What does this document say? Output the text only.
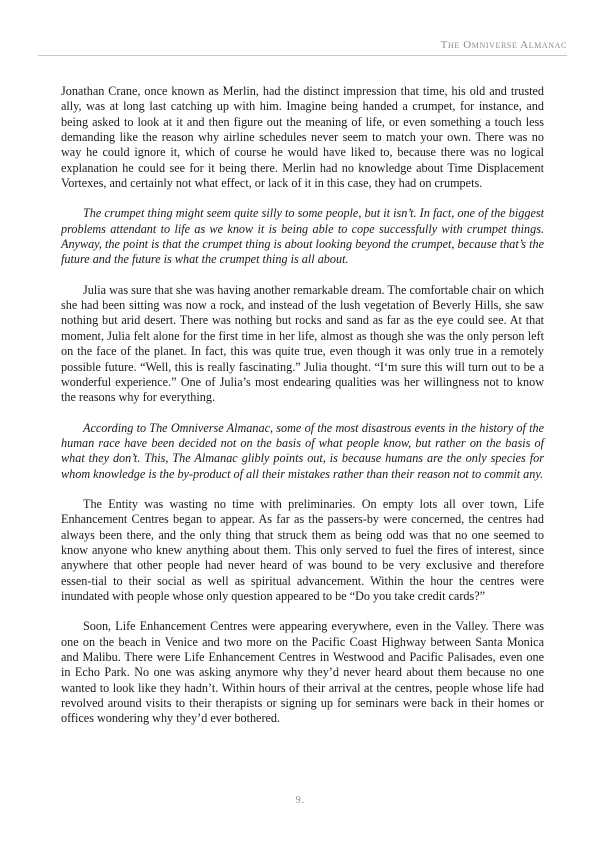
The Omniverse Almanac

Jonathan Crane, once known as Merlin, had the distinct impression that time, his old and trusted ally, was at long last catching up with him. Imagine being handed a crumpet, for instance, and being asked to look at it and then figure out the meaning of life, or even something a touch less demanding like the reason why airline schedules never seem to match your own. There was no way he could ignore it, which of course he would have liked to, because there was no logical explanation he could see for it being there. Merlin had no knowledge about Time Displacement Vortexes, and certainly not what effect, or lack of it in this case, they had on crumpets.

The crumpet thing might seem quite silly to some people, but it isn’t. In fact, one of the biggest problems attendant to life as we know it is being able to cope successfully with crumpet things. Anyway, the point is that the crumpet thing is about looking beyond the crumpet, because that’s the future and the future is what the crumpet thing is all about.

Julia was sure that she was having another remarkable dream. The comfortable chair on which she had been sitting was now a rock, and instead of the lush vegetation of Beverly Hills, she saw nothing but arid desert. There was nothing but rocks and sand as far as the eye could see. At that moment, Julia felt alone for the first time in her life, almost as though she was the only person left on the face of the planet. In fact, this was quite true, even though it was only true in a remotely possible future. “Well, this is really fascinating.” Julia thought. “I‘m sure this will turn out to be a wonderful experience.” One of Julia’s most endearing qualities was her willingness not to know the reasons why for everything.

According to The Omniverse Almanac, some of the most disastrous events in the history of the human race have been decided not on the basis of what people know, but rather on the basis of what they don’t. This, The Almanac glibly points out, is because humans are the only species for whom knowledge is the by-product of all their mistakes rather than their reason not to commit any.

The Entity was wasting no time with preliminaries. On empty lots all over town, Life Enhancement Centres began to appear. As far as the passers-by were concerned, the centres had always been there, and the only thing that struck them as being odd was that no one seemed to know anyone who knew anything about them. This only served to fuel the fires of interest, since anywhere that other people had never heard of was bound to be very exclusive and therefore essen-tial to their social as well as spiritual advancement. Within the hour the centres were inundated with people whose only question appeared to be “Do you take credit cards?”

Soon, Life Enhancement Centres were appearing everywhere, even in the Valley. There was one on the beach in Venice and two more on the Pacific Coast Highway between Santa Monica and Malibu. There were Life Enhancement Centres in Westwood and Pacific Palisades, even one in Echo Park. No one was asking anymore why they’d never heard about them because no one wanted to look like they hadn’t. Within hours of their arrival at the centres, people whose life had revolved around visits to their therapists or signing up for seminars were back in their homes or offices wondering why they’d ever bothered.

9.
